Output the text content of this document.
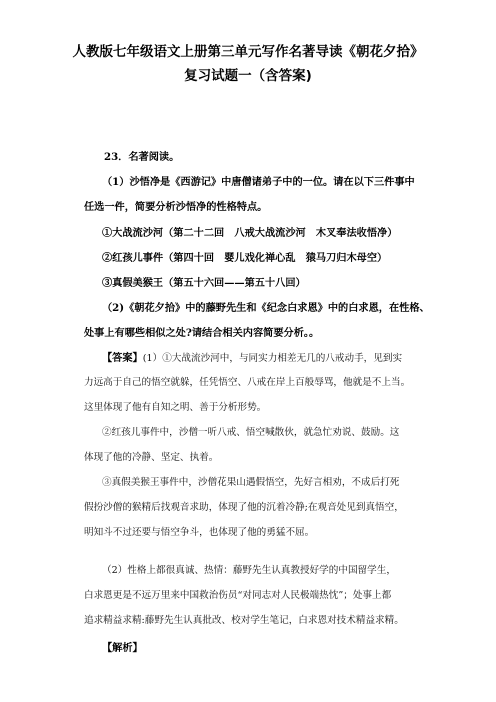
人教版七年级语文上册第三单元写作名著导读《朝花夕拾》
复习试题一（含答案)
23．名著阅读。
（1）沙悟净是《西游记》中唐僧诸弟子中的一位。请在以下三件事中
任选一件，简要分析沙悟净的性格特点。
①大战流沙河（第二十二回　八戒大战流沙河　木叉奉法收悟净）
②红孩儿事件（第四十回　婴儿戏化禅心乱　猿马刀归木母空）
③真假美猴王（第五十六回——第五十八回）
（2)《朝花夕拾》中的藤野先生和《纪念白求恩》中的白求恩，在性格、
处事上有哪些相似之处?请结合相关内容简要分析。。
【答案】(1）①大战流沙河中，与同实力相差无几的八戒动手，见到实
力远高于自己的悟空就躲，任凭悟空、八戒在岸上百般辱骂，他就是不上当。
这里体现了他有自知之明、善于分析形势。
②红孩儿事件中，沙僧一听八戒、悟空喊散伙，就急忙劝说、鼓励。这
体现了他的冷静、坚定、执着。
③真假美猴王事件中，沙僧花果山遇假悟空，先好言相劝，不成后打死
假扮沙僧的猴精后找观音求助，体现了他的沉着冷静;在观音处见到真悟空，
明知斗不过还要与悟空争斗，也体现了他的勇猛不屈。
（2）性格上都很真诚、热情：藤野先生认真教授好学的中国留学生，
白求恩更是不远万里来中国救治伤员“对同志对人民极端热忱”；处事上都
追求精益求精:藤野先生认真批改、校对学生笔记，白求恩对技术精益求精。
【解析】
